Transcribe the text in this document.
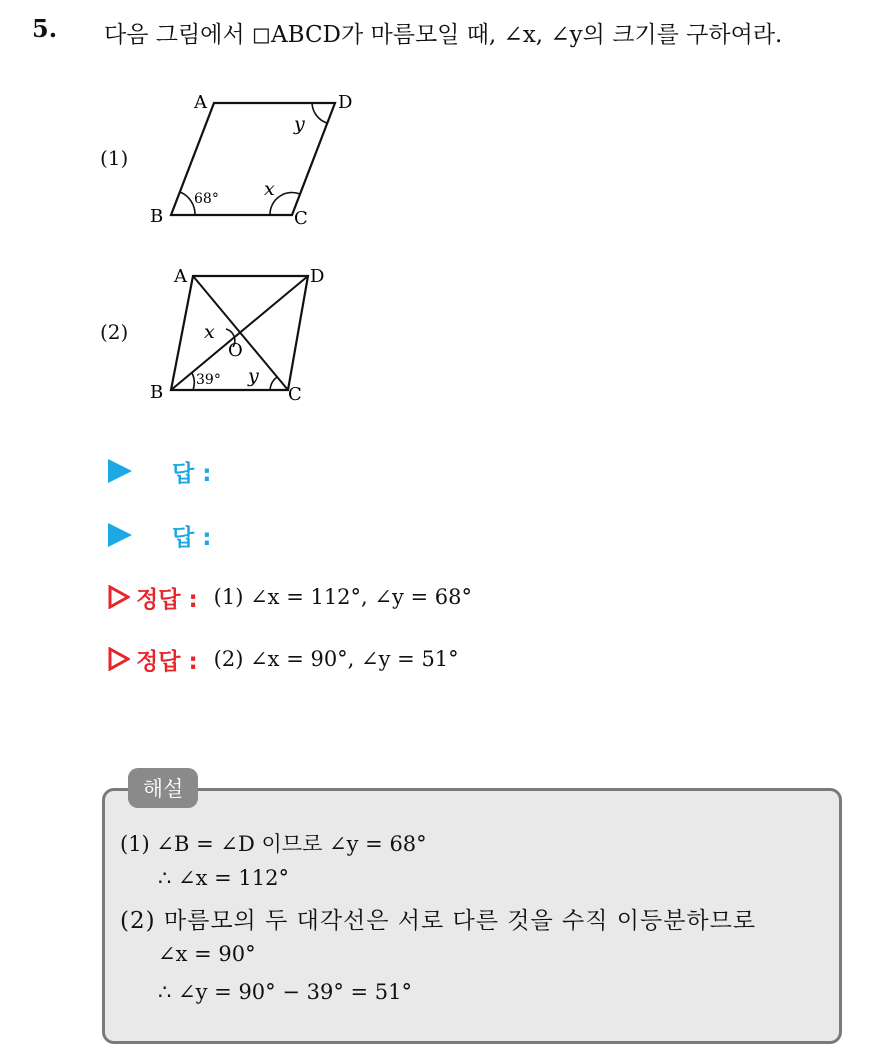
5. 다음 그림에서 ◻ABCD가 마름모일 때, ∠x, ∠y의 크기를 구하여라.
(1)
A	D
B	C
68° x
y
(2)
A	D
B	C
O
x
y
39°
답 :
답 :
정답 : (1) ∠x = 112°, ∠y = 68°
정답 : (2) ∠x = 90°, ∠y = 51°
해설
(1) ∠B = ∠D 이므로 ∠y = 68°
∴ ∠x = 112°
(2) 마름모의 두 대각선은 서로 다른 것을 수직 이등분하므로
∠x = 90°
∴ ∠y = 90° − 39° = 51°
